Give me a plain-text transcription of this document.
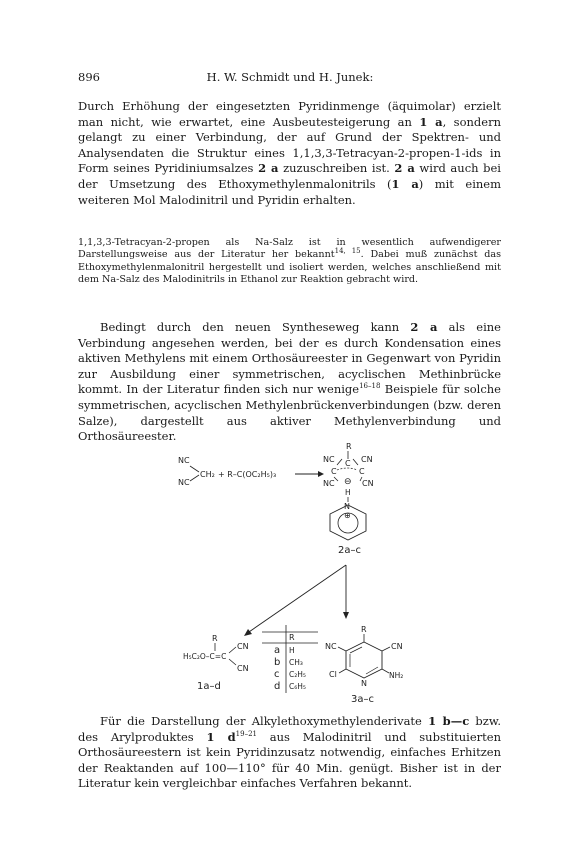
896	H. W. Schmidt und H. Junek:
Durch Erhöhung der eingesetzten Pyridinmenge (äquimolar) erzielt man nicht, wie erwartet, eine Ausbeutesteigerung an 1 a, sondern gelangt zu einer Verbindung, der auf Grund der Spektren- und Analysendaten die Struktur eines 1,1,3,3-Tetracyan-2-propen-1-ids in Form seines Pyridiniumsalzes 2 a zuzuschreiben ist. 2 a wird auch bei der Umsetzung des Ethoxymethylenmalonitrils (1 a) mit einem weiteren Mol Malodinitril und Pyridin erhalten.
1,1,3,3-Tetracyan-2-propen als Na-Salz ist in wesentlich aufwendigerer Darstellungsweise aus der Literatur her bekannt$^{14, 15}$. Dabei muß zunächst das Ethoxymethylenmalonitril hergestellt und isoliert werden, welches anschließend mit dem Na-Salz des Malodinitrils in Ethanol zur Reaktion gebracht wird.
Bedingt durch den neuen Syntheseweg kann 2 a als eine Verbindung angesehen werden, bei der es durch Kondensation eines aktiven Methylens mit einem Orthosäureester in Gegenwart von Pyridin zur Ausbildung einer symmetrischen, acyclischen Methinbrücke kommt. In der Literatur finden sich nur wenige$^{16-18}$ Beispiele für solche symmetrischen, acyclischen Methylenbrückenverbindungen (bzw. deren Salze), dargestellt aus aktiver Methylenverbindung und Orthosäureester.
NC
NC
CH₂ + R–C(OC₂H₅)₃
R
C
NC	CN
C	C
NC	CN
⊖
H
N
⊕
2a–c
R
H₅C₂O–C=C
CN
CN
1a–d
R
a H
b CH₃
c C₂H₅
d C₆H₅
R
NC	CN
Cl
N
NH₂
3a–c
Für die Darstellung der Alkylethoxymethylenderivate 1 b—c bzw. des Arylproduktes 1 $d^{19-21}$ aus Malodinitril und substituierten Orthosäureestern ist kein Pyridinzusatz notwendig, einfaches Erhitzen der Reaktanden auf 100—110° für 40 Min. genügt. Bisher ist in der Literatur kein vergleichbar einfaches Verfahren bekannt.
